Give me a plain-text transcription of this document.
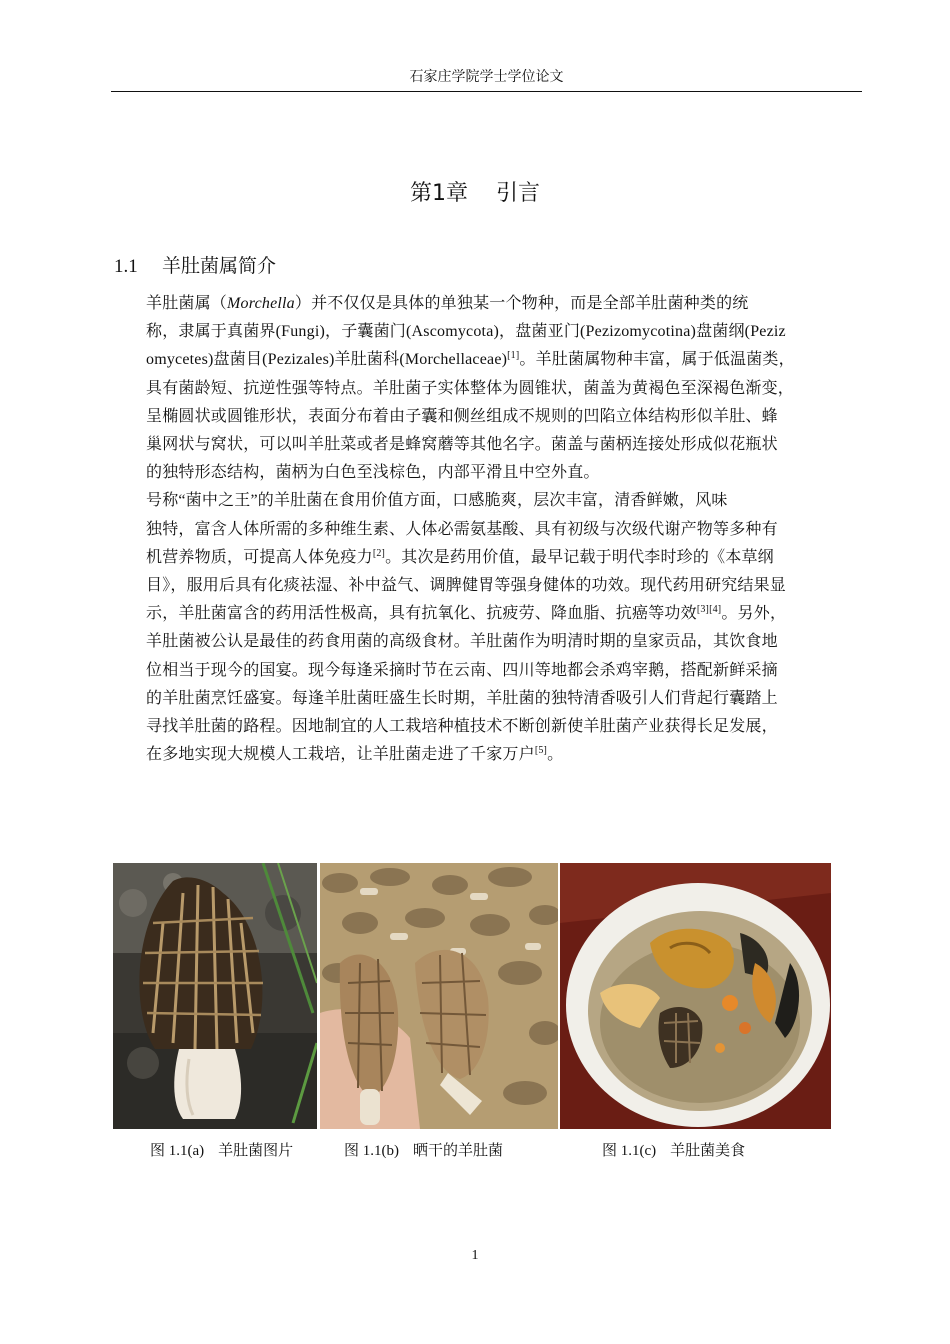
石家庄学院学士学位论文
第1章 引言
1.1 羊肚菌属简介

羊肚菌属（Morchella）并不仅仅是具体的单独某一个物种，而是全部羊肚菌种类的统
称，隶属于真菌界(Fungi)，子囊菌门(Ascomycota)，盘菌亚门(Pezizomycotina)盘菌纲(Peziz
omycetes)盘菌目(Pezizales)羊肚菌科(Morchellaceae)[1]。羊肚菌属物种丰富，属于低温菌类，
具有菌龄短、抗逆性强等特点。羊肚菌子实体整体为圆锥状，菌盖为黄褐色至深褐色渐变，
呈椭圆状或圆锥形状，表面分布着由子囊和侧丝组成不规则的凹陷立体结构形似羊肚、蜂
巢网状与窝状，可以叫羊肚菜或者是蜂窝蘑等其他名字。菌盖与菌柄连接处形成似花瓶状
的独特形态结构，菌柄为白色至浅棕色，内部平滑且中空外直。

号称“菌中之王”的羊肚菌在食用价值方面，口感脆爽，层次丰富，清香鲜嫩，风味
独特，富含人体所需的多种维生素、人体必需氨基酸、具有初级与次级代谢产物等多种有
机营养物质，可提高人体免疫力[2]。其次是药用价值，最早记载于明代李时珍的《本草纲
目》，服用后具有化痰祛湿、补中益气、调脾健胃等强身健体的功效。现代药用研究结果显
示，羊肚菌富含的药用活性极高，具有抗氧化、抗疲劳、降血脂、抗癌等功效[3][4]。另外，
羊肚菌被公认是最佳的药食用菌的高级食材。羊肚菌作为明清时期的皇家贡品，其饮食地
位相当于现今的国宴。现今每逢采摘时节在云南、四川等地都会杀鸡宰鹅，搭配新鲜采摘
的羊肚菌烹饪盛宴。每逢羊肚菌旺盛生长时期，羊肚菌的独特清香吸引人们背起行囊踏上
寻找羊肚菌的路程。因地制宜的人工栽培种植技术不断创新使羊肚菌产业获得长足发展，
在多地实现大规模人工栽培，让羊肚菌走进了千家万户[5]。

图 1.1(a) 羊肚菌图片	图 1.1(b) 晒干的羊肚菌	图 1.1(c) 羊肚菌美食
1
